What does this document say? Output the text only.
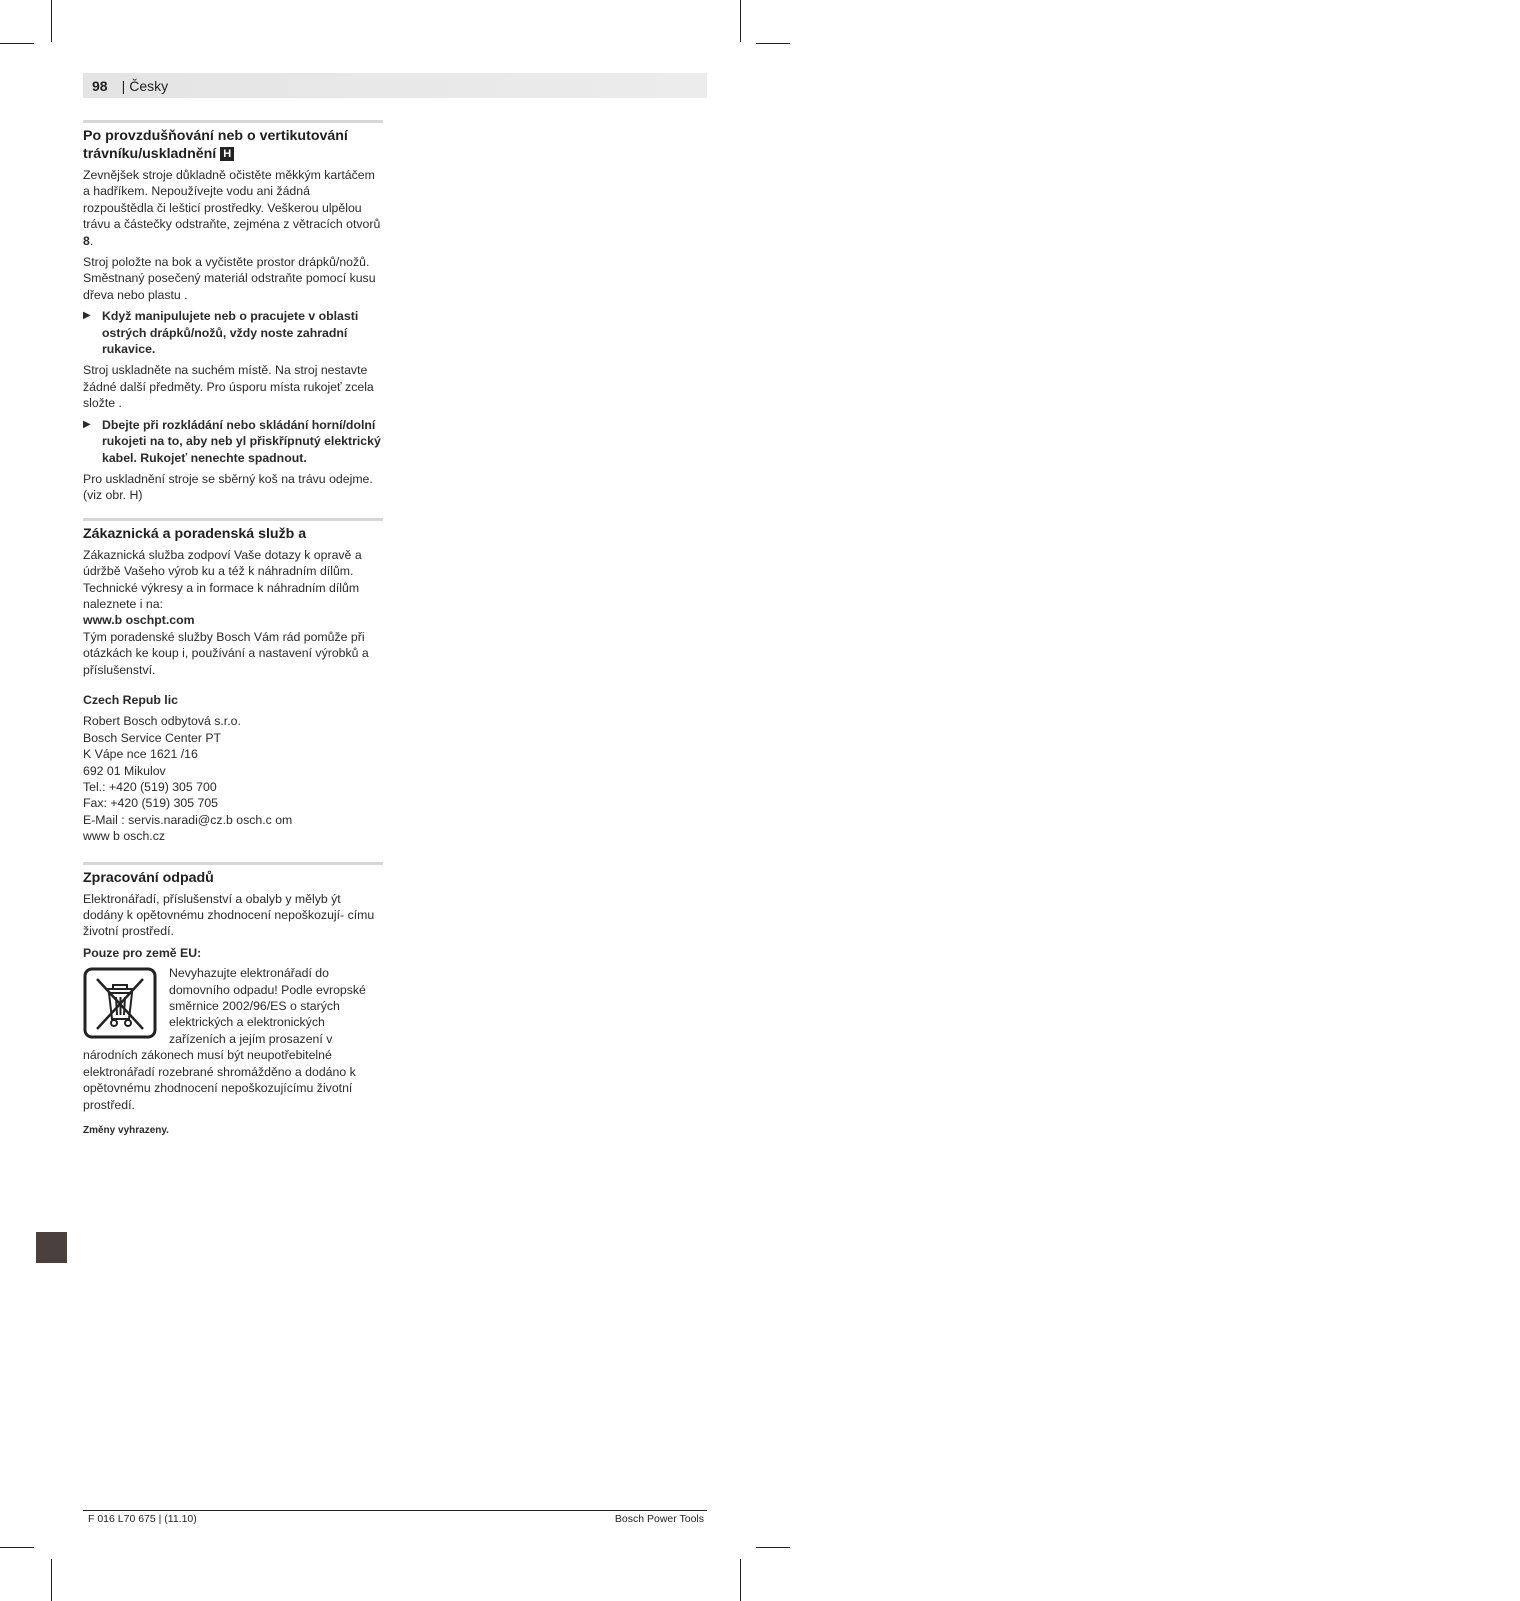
98 | Česky
Po provzdušňování neb o vertikutování trávníku/uskladnění H

Zevnějšek stroje důkladně očistěte měkkým kartáčem a hadříkem. Nepoužívejte vodu ani žádná rozpouštědla či lešticí prostředky. Veškerou ulpělou trávu a částečky odstraňte, zejména z větracích otvorů 8.

Stroj položte na bok a vyčistěte prostor drápků/nožů. Směstnaný posečený materiál odstraňte pomocí kusu dřeva nebo plastu .

▶ Když manipulujete neb o pracujete v oblasti ostrých drápků/nožů, vždy noste zahradní rukavice.

Stroj uskladněte na suchém místě. Na stroj nestavte žádné další předměty. Pro úsporu místa rukojeť zcela složte .

▶ Dbejte při rozkládání nebo skládání horní/dolní rukojeti na to, aby neb yl přiskřípnutý elektrický kabel. Rukojeť nenechte spadnout.

Pro uskladnění stroje se sběrný koš na trávu odejme. (viz obr. H)

Zákaznická a poradenská služb a

Zákaznická služba zodpoví Vaše dotazy k opravě a údržbě Vašeho výrob ku a též k náhradním dílům. Technické výkresy a in formace k náhradním dílům naleznete i na:
www.b oschpt.com
Tým poradenské služby Bosch Vám rád pomůže při otázkách ke koup i, používání a nastavení výrobků a příslušenství.

Czech Repub lic
Robert Bosch odbytová s.r.o.
Bosch Service Center PT
K Vápe nce 1621 /16
692 01 Mikulov
Tel.: +420 (519) 305 700
Fax: +420 (519) 305 705
E-Mail : servis.naradi@cz.b osch.c om
www b osch.cz
Zpracování odpadů

Elektronářadí, příslušenství a obalyb y mělyb ýt dodány k opětovnému zhodnocení nepoškozují- címu životní prostředí.

Pouze pro země EU:
Nevyhazujte elektronářadí do domovního odpadu! Podle evropské směrnice 2002/96/ES o starých elektrických a elektronických zařízeních a jejím prosazení v národních zákonech musí být neupotřebitelné elektronářadí rozebrané shromážděno a dodáno k opětovnému zhodnocení nepoškozujícímu životní prostředí.
Změny vyhrazeny.
F 016 L70 675 | (11.10)	Bosch Power Tools
